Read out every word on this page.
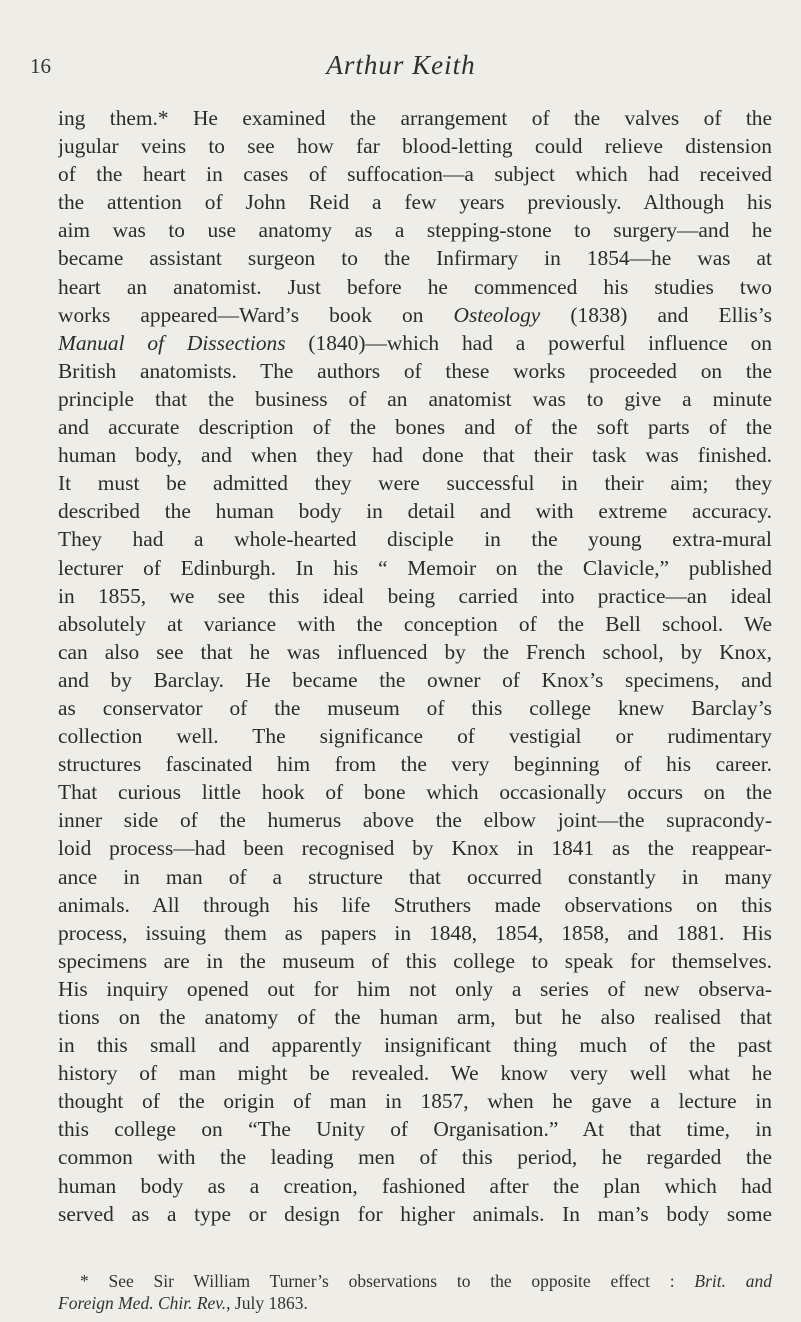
16	Arthur Keith
ing them.* He examined the arrangement of the valves of the
jugular veins to see how far blood-letting could relieve distension
of the heart in cases of suffocation—a subject which had received
the attention of John Reid a few years previously. Although his
aim was to use anatomy as a stepping-stone to surgery—and he
became assistant surgeon to the Infirmary in 1854—he was at
heart an anatomist. Just before he commenced his studies two
works appeared—Ward’s book on Osteology (1838) and Ellis’s
Manual of Dissections (1840)—which had a powerful influence on
British anatomists. The authors of these works proceeded on the
principle that the business of an anatomist was to give a minute
and accurate description of the bones and of the soft parts of the
human body, and when they had done that their task was finished.
It must be admitted they were successful in their aim; they
described the human body in detail and with extreme accuracy.
They had a whole-hearted disciple in the young extra-mural
lecturer of Edinburgh. In his “ Memoir on the Clavicle,” published
in 1855, we see this ideal being carried into practice—an ideal
absolutely at variance with the conception of the Bell school. We
can also see that he was influenced by the French school, by Knox,
and by Barclay. He became the owner of Knox’s specimens, and
as conservator of the museum of this college knew Barclay’s
collection well. The significance of vestigial or rudimentary
structures fascinated him from the very beginning of his career.
That curious little hook of bone which occasionally occurs on the
inner side of the humerus above the elbow joint—the supracondy-
loid process—had been recognised by Knox in 1841 as the reappear-
ance in man of a structure that occurred constantly in many
animals. All through his life Struthers made observations on this
process, issuing them as papers in 1848, 1854, 1858, and 1881. His
specimens are in the museum of this college to speak for themselves.
His inquiry opened out for him not only a series of new observa-
tions on the anatomy of the human arm, but he also realised that
in this small and apparently insignificant thing much of the past
history of man might be revealed. We know very well what he
thought of the origin of man in 1857, when he gave a lecture in
this college on “The Unity of Organisation.” At that time, in
common with the leading men of this period, he regarded the
human body as a creation, fashioned after the plan which had
served as a type or design for higher animals. In man’s body some
* See Sir William Turner’s observations to the opposite effect : Brit. and
Foreign Med. Chir. Rev., July 1863.
